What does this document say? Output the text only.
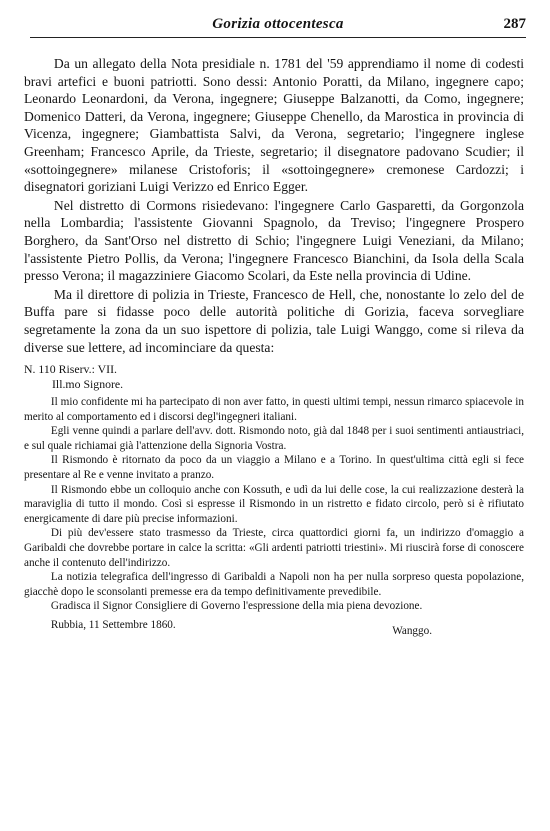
Gorizia ottocentesca	287

Da un allegato della Nota presidiale n. 1781 del '59 apprendiamo il nome di codesti bravi artefici e buoni patriotti. Sono dessi: Antonio Poratti, da Milano, ingegnere capo; Leonardo Leonardoni, da Verona, ingegnere; Giuseppe Balzanotti, da Como, ingegnere; Domenico Datteri, da Verona, ingegnere; Giuseppe Chenello, da Marostica in provincia di Vicenza, ingegnere; Giambattista Salvi, da Verona, segretario; l'ingegnere inglese Greenham; Francesco Aprile, da Trieste, segretario; il disegnatore padovano Scudier; il «sottoingegnere» milanese Cristoforis; il «sottoingegnere» cremonese Cardozzi; i disegnatori goriziani Luigi Verizzo ed Enrico Egger.

Nel distretto di Cormons risiedevano: l'ingegnere Carlo Gasparetti, da Gorgonzola nella Lombardia; l'assistente Giovanni Spagnolo, da Treviso; l'ingegnere Prospero Borghero, da Sant'Orso nel distretto di Schio; l'ingegnere Luigi Veneziani, da Milano; l'assistente Pietro Pollis, da Verona; l'ingegnere Francesco Bianchini, da Isola della Scala presso Verona; il magazziniere Giacomo Scolari, da Este nella provincia di Udine.

Ma il direttore di polizia in Trieste, Francesco de Hell, che, nonostante lo zelo del de Buffa pare si fidasse poco delle autorità politiche di Gorizia, faceva sorvegliare segretamente la zona da un suo ispettore di polizia, tale Luigi Wanggo, come si rileva da diverse sue lettere, ad incominciare da questa:

N. 110 Riserv.: VII.
Ill.mo Signore.

Il mio confidente mi ha partecipato di non aver fatto, in questi ultimi tempi, nessun rimarco spiacevole in merito al comportamento ed i discorsi degl'ingegneri italiani.

Egli venne quindi a parlare dell'avv. dott. Rismondo noto, già dal 1848 per i suoi sentimenti antiaustriaci, e sul quale richiamai già l'attenzione della Signoria Vostra.

Il Rismondo è ritornato da poco da un viaggio a Milano e a Torino. In quest'ultima città egli si fece presentare al Re e venne invitato a pranzo.

Il Rismondo ebbe un colloquio anche con Kossuth, e udì da lui delle cose, la cui realizzazione desterà la maraviglia di tutto il mondo. Così si espresse il Rismondo in un ristretto e fidato circolo, però si è rifiutato energicamente di dare più precise informazioni.

Di più dev'essere stato trasmesso da Trieste, circa quattordici giorni fa, un indirizzo d'omaggio a Garibaldi che dovrebbe portare in calce la scritta: «Gli ardenti patriotti triestini». Mi riuscirà forse di conoscere anche il contenuto dell'indirizzo.

La notizia telegrafica dell'ingresso di Garibaldi a Napoli non ha per nulla sorpreso questa popolazione, giacchè dopo le sconsolanti premesse era da tempo definitivamente prevedibile.

Gradisca il Signor Consigliere di Governo l'espressione della mia piena devozione.

Rubbia, 11 Settembre 1860.	Wanggo.
